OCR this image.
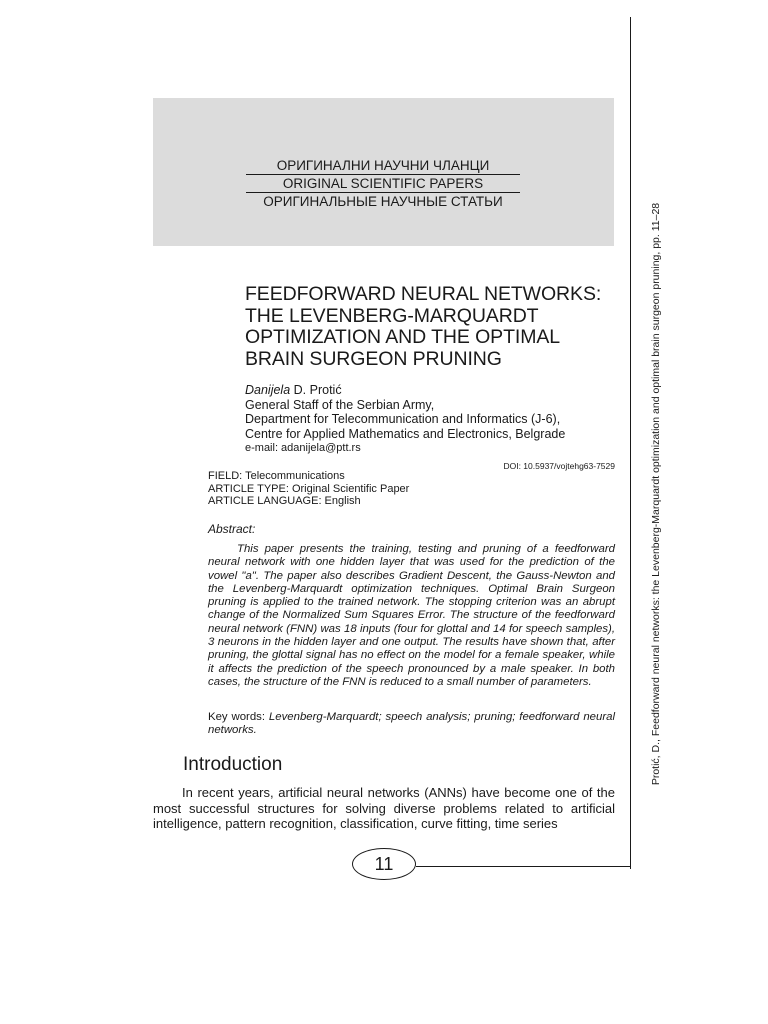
ОРИГИНАЛНИ НАУЧНИ ЧЛАНЦИ
ORIGINAL SCIENTIFIC PAPERS
ОРИГИНАЛЬНЫЕ НАУЧНЫЕ СТАТЬИ
FEEDFORWARD NEURAL NETWORKS:
THE LEVENBERG-MARQUARDT
OPTIMIZATION AND THE OPTIMAL
BRAIN SURGEON PRUNING
Danijela D. Protić
General Staff of the Serbian Army,
Department for Telecommunication and Informatics (J-6),
Centre for Applied Mathematics and Electronics, Belgrade
e-mail: adanijela@ptt.rs
DOI: 10.5937/vojtehg63-7529
FIELD: Telecommunications
ARTICLE TYPE: Original Scientific Paper
ARTICLE LANGUAGE: English
Abstract:

This paper presents the training, testing and pruning of a feedforward neural network with one hidden layer that was used for the prediction of the vowel "a". The paper also describes Gradient Descent, the Gauss-Newton and the Levenberg-Marquardt optimization techniques. Optimal Brain Surgeon pruning is applied to the trained network. The stopping criterion was an abrupt change of the Normalized Sum Squares Error. The structure of the feedforward neural network (FNN) was 18 inputs (four for glottal and 14 for speech samples), 3 neurons in the hidden layer and one output. The results have shown that, after pruning, the glottal signal has no effect on the model for a female speaker, while it affects the prediction of the speech pronounced by a male speaker. In both cases, the structure of the FNN is reduced to a small number of parameters.

Key words: Levenberg-Marquardt; speech analysis; pruning; feedforward neural networks.

Introduction

In recent years, artificial neural networks (ANNs) have become one of the most successful structures for solving diverse problems related to artificial intelligence, pattern recognition, classification, curve fitting, time series

11
Protić, D., Feedforward neural networks: the Levenberg-Marquardt optimization and optimal brain surgeon pruning, pp. 11–28
